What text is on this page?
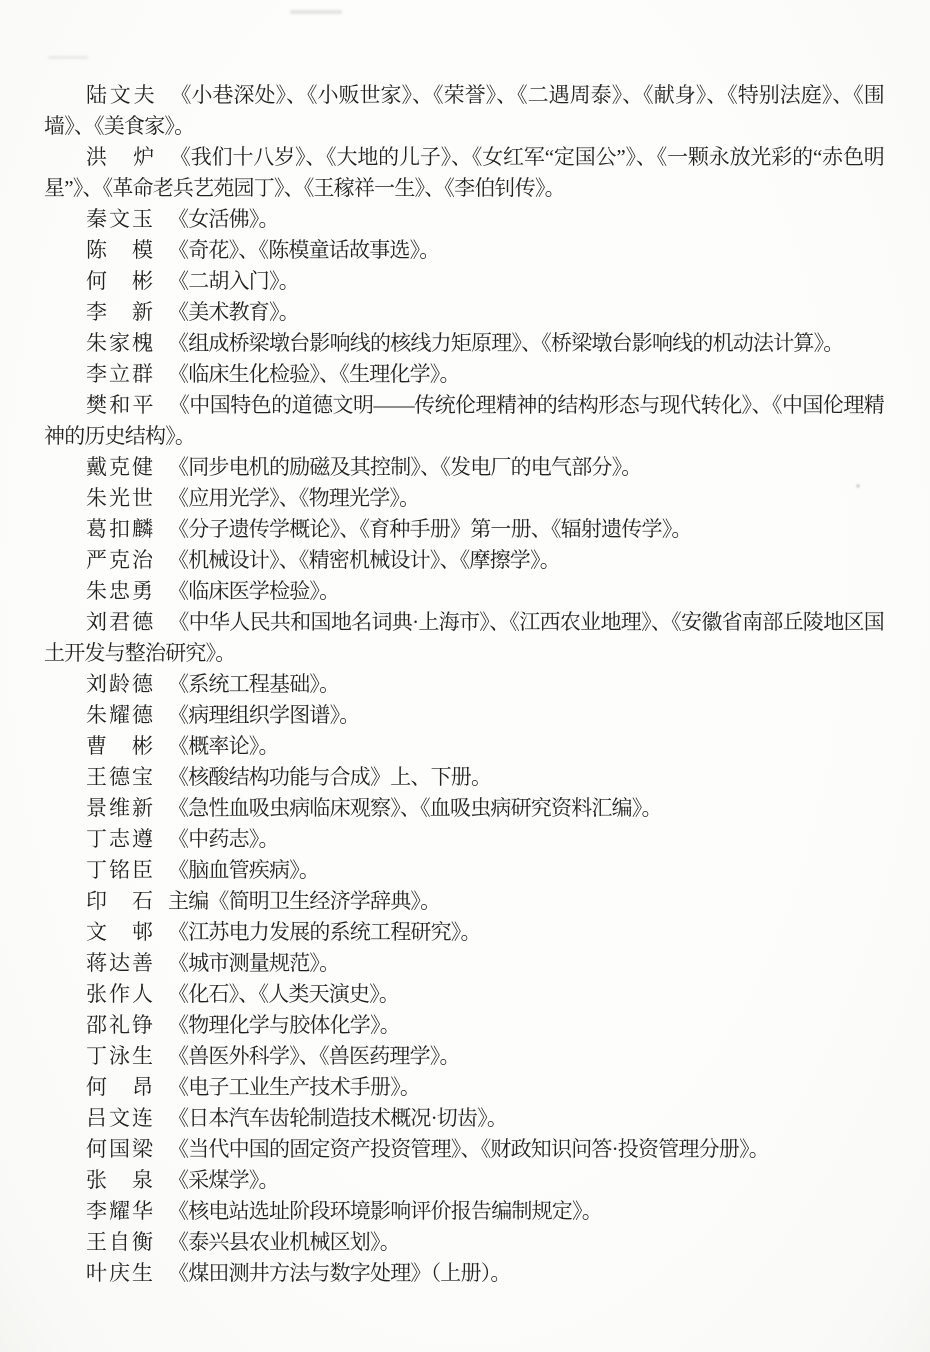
陆文夫 《小巷深处》、《小贩世家》、《荣誉》、《二遇周泰》、《献身》、《特别法庭》、《围墙》、《美食家》。

洪　炉 《我们十八岁》、《大地的儿子》、《女红军“定国公”》、《一颗永放光彩的“赤色明星”》、《革命老兵艺苑园丁》、《王稼祥一生》、《李伯钊传》。

秦文玉 《女活佛》。

陈　模 《奇花》、《陈模童话故事选》。

何　彬 《二胡入门》。

李　新 《美术教育》。

朱家槐 《组成桥梁墩台影响线的核线力矩原理》、《桥梁墩台影响线的机动法计算》。

李立群 《临床生化检验》、《生理化学》。

樊和平 《中国特色的道德文明——传统伦理精神的结构形态与现代转化》、《中国伦理精神的历史结构》。

戴克健 《同步电机的励磁及其控制》、《发电厂的电气部分》。

朱光世 《应用光学》、《物理光学》。

葛扣麟 《分子遗传学概论》、《育种手册》第一册、《辐射遗传学》。

严克治 《机械设计》、《精密机械设计》、《摩擦学》。

朱忠勇 《临床医学检验》。

刘君德 《中华人民共和国地名词典·上海市》、《江西农业地理》、《安徽省南部丘陵地区国土开发与整治研究》。

刘龄德 《系统工程基础》。

朱耀德 《病理组织学图谱》。

曹　彬 《概率论》。

王德宝 《核酸结构功能与合成》上、下册。

景维新 《急性血吸虫病临床观察》、《血吸虫病研究资料汇编》。

丁志遵 《中药志》。

丁铭臣 《脑血管疾病》。

印　石 主编《简明卫生经济学辞典》。

文　邨 《江苏电力发展的系统工程研究》。

蒋达善 《城市测量规范》。

张作人 《化石》、《人类天演史》。

邵礼铮 《物理化学与胶体化学》。

丁泳生 《兽医外科学》、《兽医药理学》。

何　昂 《电子工业生产技术手册》。

吕文连 《日本汽车齿轮制造技术概况·切齿》。

何国梁 《当代中国的固定资产投资管理》、《财政知识问答·投资管理分册》。

张　泉 《采煤学》。

李耀华 《核电站选址阶段环境影响评价报告编制规定》。

王自衡 《泰兴县农业机械区划》。

叶庆生 《煤田测井方法与数字处理》（上册）。
